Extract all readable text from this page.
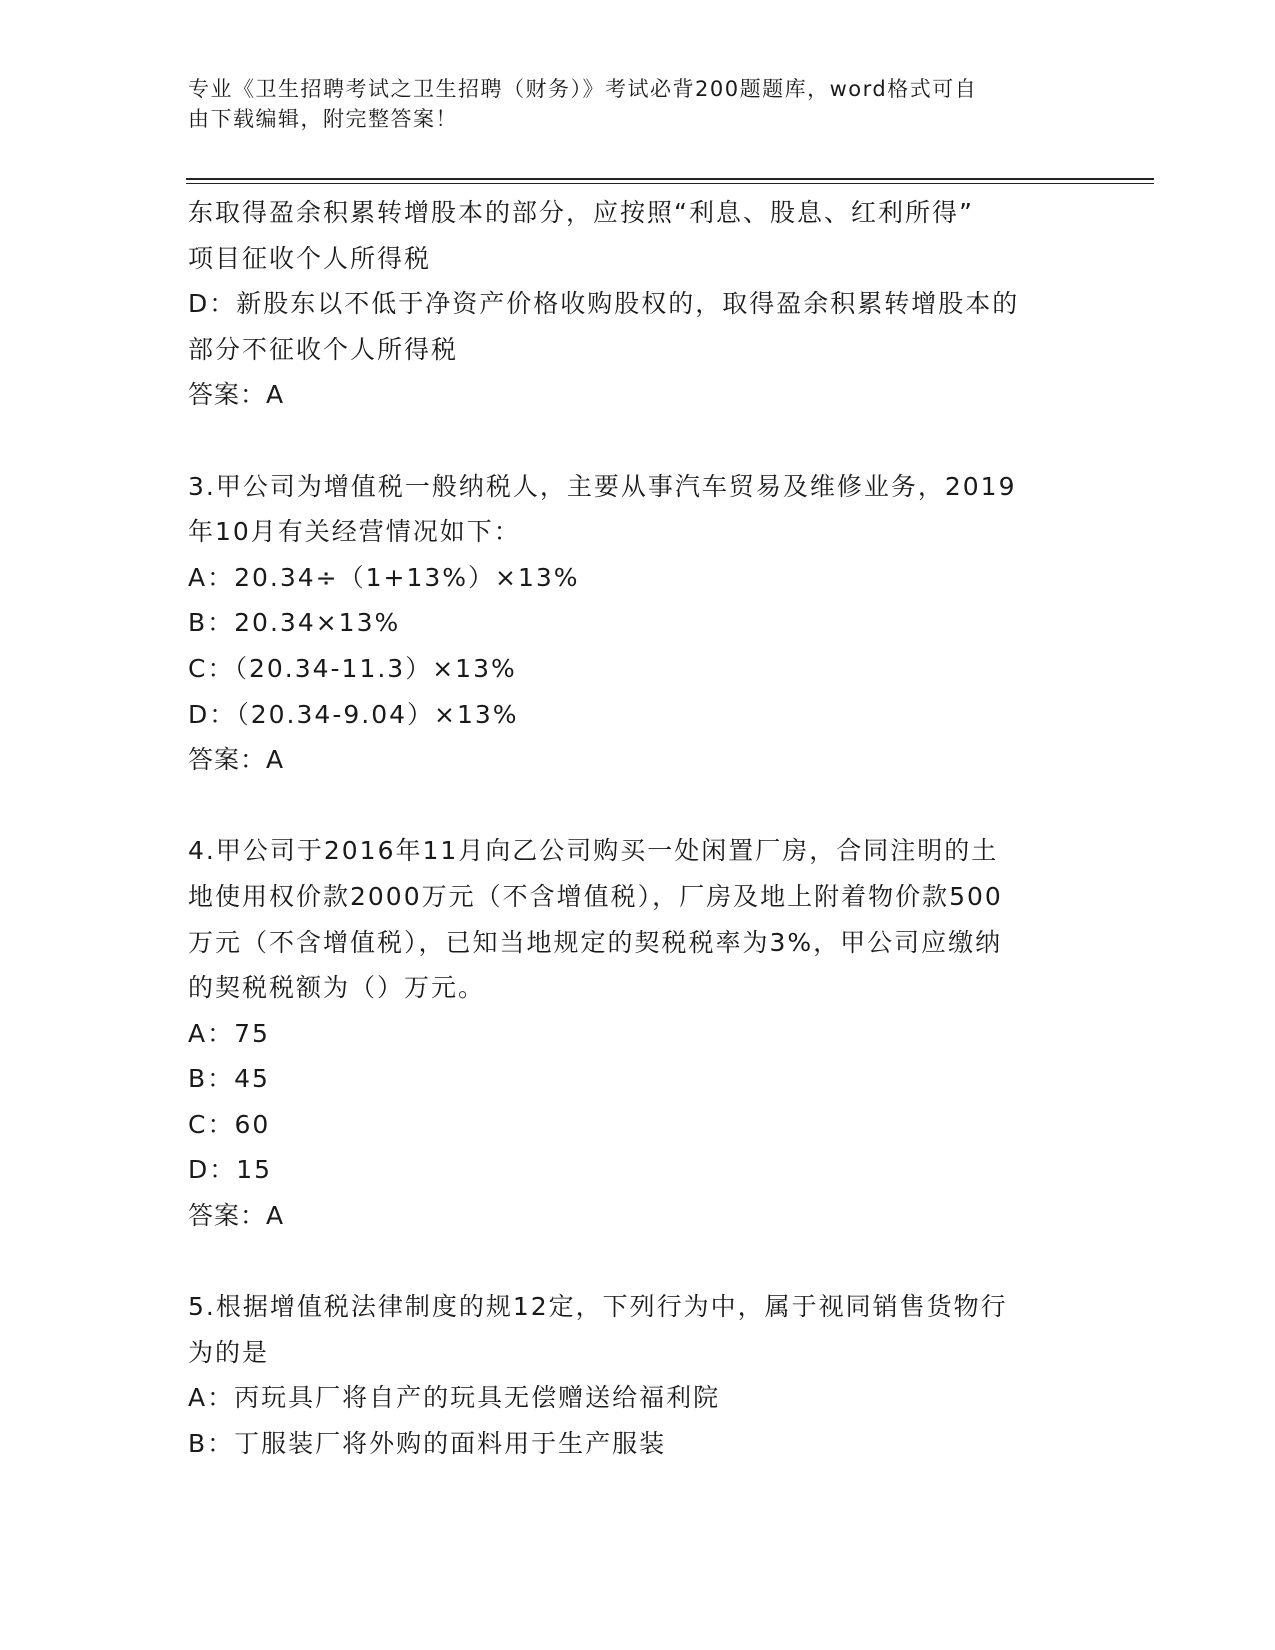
专业《卫生招聘考试之卫生招聘（财务）》考试必背200题题库，word格式可自
由下载编辑，附完整答案！
东取得盈余积累转增股本的部分，应按照“利息、股息、红利所得”
项目征收个人所得税
D：新股东以不低于净资产价格收购股权的，取得盈余积累转增股本的
部分不征收个人所得税
答案：A
3.甲公司为增值税一般纳税人，主要从事汽车贸易及维修业务，2019
年10月有关经营情况如下：
A：20.34÷（1+13%）×13%
B：20.34×13%
C：（20.34-11.3）×13%
D：（20.34-9.04）×13%
答案：A
4.甲公司于2016年11月向乙公司购买一处闲置厂房，合同注明的土
地使用权价款2000万元（不含增值税），厂房及地上附着物价款500
万元（不含增值税），已知当地规定的契税税率为3%，甲公司应缴纳
的契税税额为（）万元。
A：75
B：45
C：60
D：15
答案：A
5.根据增值税法律制度的规12定，下列行为中，属于视同销售货物行
为的是
A：丙玩具厂将自产的玩具无偿赠送给福利院
B：丁服装厂将外购的面料用于生产服装
